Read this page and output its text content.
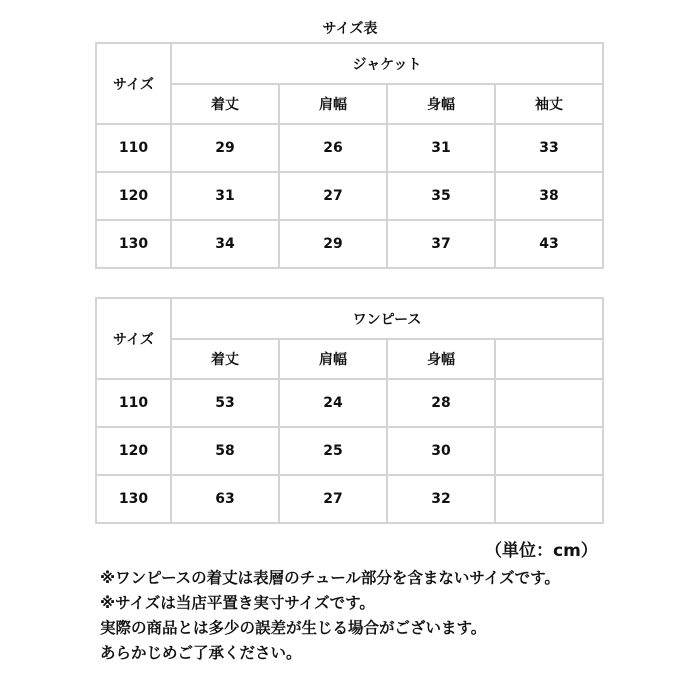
サイズ表
サイズ	ジャケット			
	着丈	肩幅	身幅	袖丈
110	29	26	31	33
120	31	27	35	38
130	34	29	37	43
サイズ	ワンピース			
	着丈	肩幅	身幅	
110	53	24	28	
120	58	25	30	
130	63	27	32	
（単位：cm）
※ワンピースの着丈は表層のチュール部分を含まないサイズです。
※サイズは当店平置き実寸サイズです。
実際の商品とは多少の誤差が生じる場合がございます。
あらかじめご了承ください。
